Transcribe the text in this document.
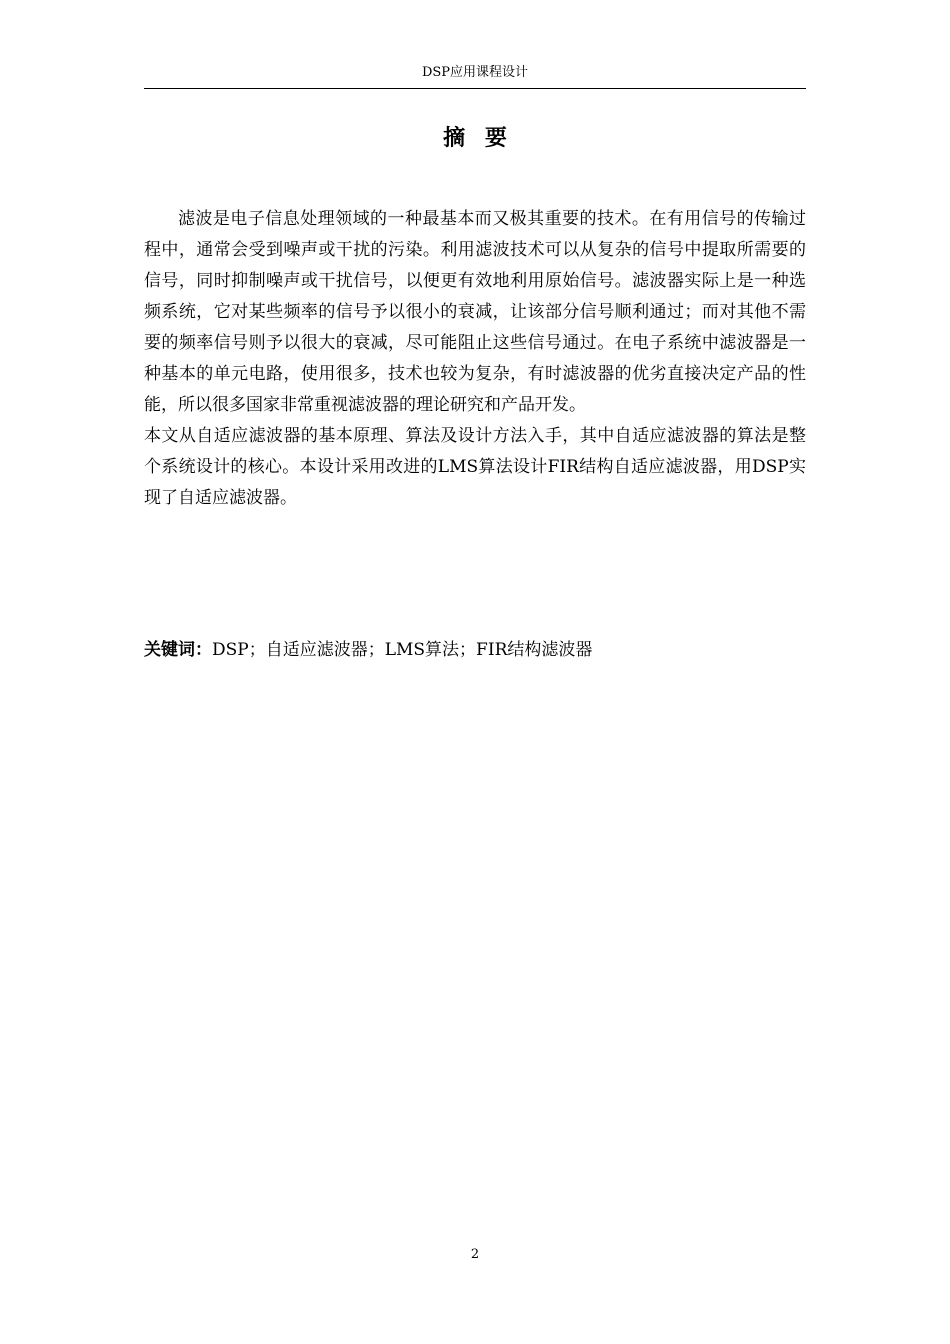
DSP应用课程设计
摘要

滤波是电子信息处理领域的一种最基本而又极其重要的技术。在有用信号的传输过程中，通常会受到噪声或干扰的污染。利用滤波技术可以从复杂的信号中提取所需要的信号，同时抑制噪声或干扰信号，以便更有效地利用原始信号。滤波器实际上是一种选频系统，它对某些频率的信号予以很小的衰减，让该部分信号顺利通过；而对其他不需要的频率信号则予以很大的衰减，尽可能阻止这些信号通过。在电子系统中滤波器是一种基本的单元电路，使用很多，技术也较为复杂，有时滤波器的优劣直接决定产品的性能，所以很多国家非常重视滤波器的理论研究和产品开发。

本文从自适应滤波器的基本原理、算法及设计方法入手，其中自适应滤波器的算法是整个系统设计的核心。本设计采用改进的LMS算法设计FIR结构自适应滤波器，用DSP实现了自适应滤波器。

关键词：DSP；自适应滤波器；LMS算法；FIR结构滤波器
2
